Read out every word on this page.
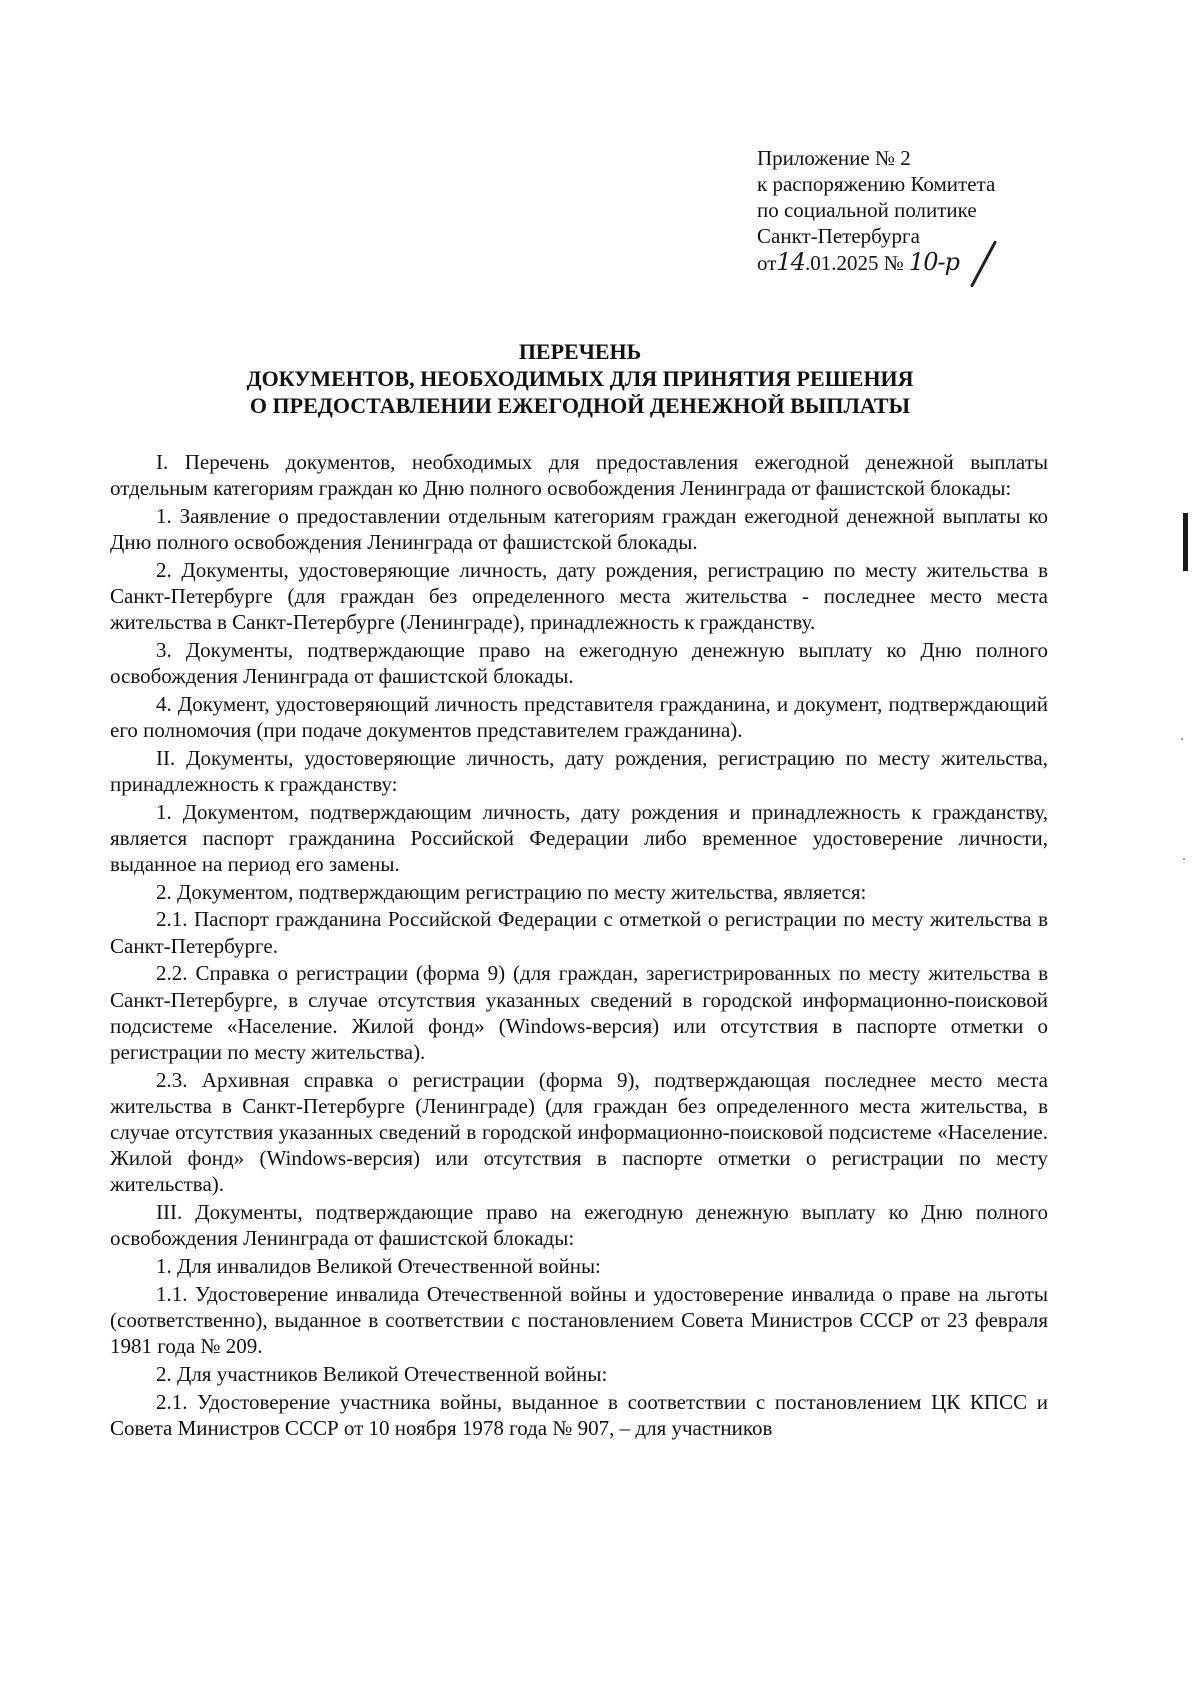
Приложение № 2
к распоряжению Комитета
по социальной политике
Санкт-Петербурга
от14.01.2025 № 10-р
ПЕРЕЧЕНЬ
ДОКУМЕНТОВ, НЕОБХОДИМЫХ ДЛЯ ПРИНЯТИЯ РЕШЕНИЯ
О ПРЕДОСТАВЛЕНИИ ЕЖЕГОДНОЙ ДЕНЕЖНОЙ ВЫПЛАТЫ

I. Перечень документов, необходимых для предоставления ежегодной денежной выплаты отдельным категориям граждан ко Дню полного освобождения Ленинграда от фашистской блокады:

1. Заявление о предоставлении отдельным категориям граждан ежегодной денежной выплаты ко Дню полного освобождения Ленинграда от фашистской блокады.

2. Документы, удостоверяющие личность, дату рождения, регистрацию по месту жительства в Санкт-Петербурге (для граждан без определенного места жительства - последнее место места жительства в Санкт-Петербурге (Ленинграде), принадлежность к гражданству.

3. Документы, подтверждающие право на ежегодную денежную выплату ко Дню полного освобождения Ленинграда от фашистской блокады.

4. Документ, удостоверяющий личность представителя гражданина, и документ, подтверждающий его полномочия (при подаче документов представителем гражданина).

II. Документы, удостоверяющие личность, дату рождения, регистрацию по месту жительства, принадлежность к гражданству:

1. Документом, подтверждающим личность, дату рождения и принадлежность к гражданству, является паспорт гражданина Российской Федерации либо временное удостоверение личности, выданное на период его замены.

2. Документом, подтверждающим регистрацию по месту жительства, является:

2.1. Паспорт гражданина Российской Федерации с отметкой о регистрации по месту жительства в Санкт-Петербурге.

2.2. Справка о регистрации (форма 9) (для граждан, зарегистрированных по месту жительства в Санкт-Петербурге, в случае отсутствия указанных сведений в городской информационно-поисковой подсистеме «Население. Жилой фонд» (Windows-версия) или отсутствия в паспорте отметки о регистрации по месту жительства).

2.3. Архивная справка о регистрации (форма 9), подтверждающая последнее место места жительства в Санкт-Петербурге (Ленинграде) (для граждан без определенного места жительства, в случае отсутствия указанных сведений в городской информационно-поисковой подсистеме «Население. Жилой фонд» (Windows-версия) или отсутствия в паспорте отметки о регистрации по месту жительства).

III. Документы, подтверждающие право на ежегодную денежную выплату ко Дню полного освобождения Ленинграда от фашистской блокады:

1. Для инвалидов Великой Отечественной войны:

1.1. Удостоверение инвалида Отечественной войны и удостоверение инвалида о праве на льготы (соответственно), выданное в соответствии с постановлением Совета Министров СССР от 23 февраля 1981 года № 209.

2. Для участников Великой Отечественной войны:

2.1. Удостоверение участника войны, выданное в соответствии с постановлением ЦК КПСС и Совета Министров СССР от 10 ноября 1978 года № 907, – для участников
